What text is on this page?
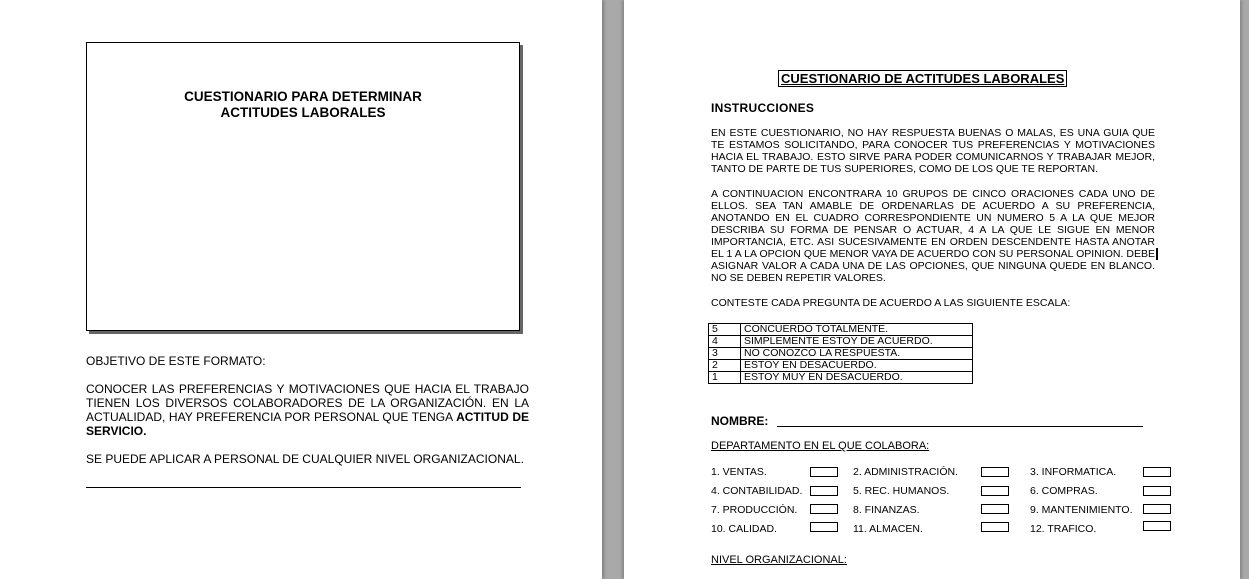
CUESTIONARIO PARA DETERMINAR
ACTITUDES LABORALES
OBJETIVO DE ESTE FORMATO:
CONOCER LAS PREFERENCIAS Y MOTIVACIONES QUE HACIA EL TRABAJO TIENEN LOS DIVERSOS COLABORADORES DE LA ORGANIZACIÓN. EN LA ACTUALIDAD, HAY PREFERENCIA POR PERSONAL QUE TENGA ACTITUD DE SERVICIO.
SE PUEDE APLICAR A PERSONAL DE CUALQUIER NIVEL ORGANIZACIONAL.
CUESTIONARIO DE ACTITUDES LABORALES
INSTRUCCIONES
EN ESTE CUESTIONARIO, NO HAY RESPUESTA BUENAS O MALAS, ES UNA GUIA QUE TE ESTAMOS SOLICITANDO, PARA CONOCER TUS PREFERENCIAS Y MOTIVACIONES HACIA EL TRABAJO. ESTO SIRVE PARA PODER COMUNICARNOS Y TRABAJAR MEJOR, TANTO DE PARTE DE TUS SUPERIORES, COMO DE LOS QUE TE REPORTAN.
A CONTINUACION ENCONTRARA 10 GRUPOS DE CINCO ORACIONES CADA UNO DE ELLOS. SEA TAN AMABLE DE ORDENARLAS DE ACUERDO A SU PREFERENCIA, ANOTANDO EN EL CUADRO CORRESPONDIENTE UN NUMERO 5 A LA QUE MEJOR DESCRIBA SU FORMA DE PENSAR O ACTUAR, 4 A LA QUE LE SIGUE EN MENOR IMPORTANCIA, ETC. ASI SUCESIVAMENTE EN ORDEN DESCENDENTE HASTA ANOTAR EL 1 A LA OPCION QUE MENOR VAYA DE ACUERDO CON SU PERSONAL OPINION. DEBE ASIGNAR VALOR A CADA UNA DE LAS OPCIONES, QUE NINGUNA QUEDE EN BLANCO. NO SE DEBEN REPETIR VALORES.
CONTESTE CADA PREGUNTA DE ACUERDO A LAS SIGUIENTE ESCALA:
5	CONCUERDO TOTALMENTE.
4	SIMPLEMENTE ESTOY DE ACUERDO.
3	NO CONOZCO LA RESPUESTA.
2	ESTOY EN DESACUERDO.
1	ESTOY MUY EN DESACUERDO.
NOMBRE:
DEPARTAMENTO EN EL QUE COLABORA:
1. VENTAS.	2. ADMINISTRACIÓN.	3. INFORMATICA.
4. CONTABILIDAD.	5. REC. HUMANOS.	6. COMPRAS.
7. PRODUCCIÓN.	8. FINANZAS.	9. MANTENIMIENTO.
10. CALIDAD.	11. ALMACEN.	12. TRAFICO.
NIVEL ORGANIZACIONAL:
